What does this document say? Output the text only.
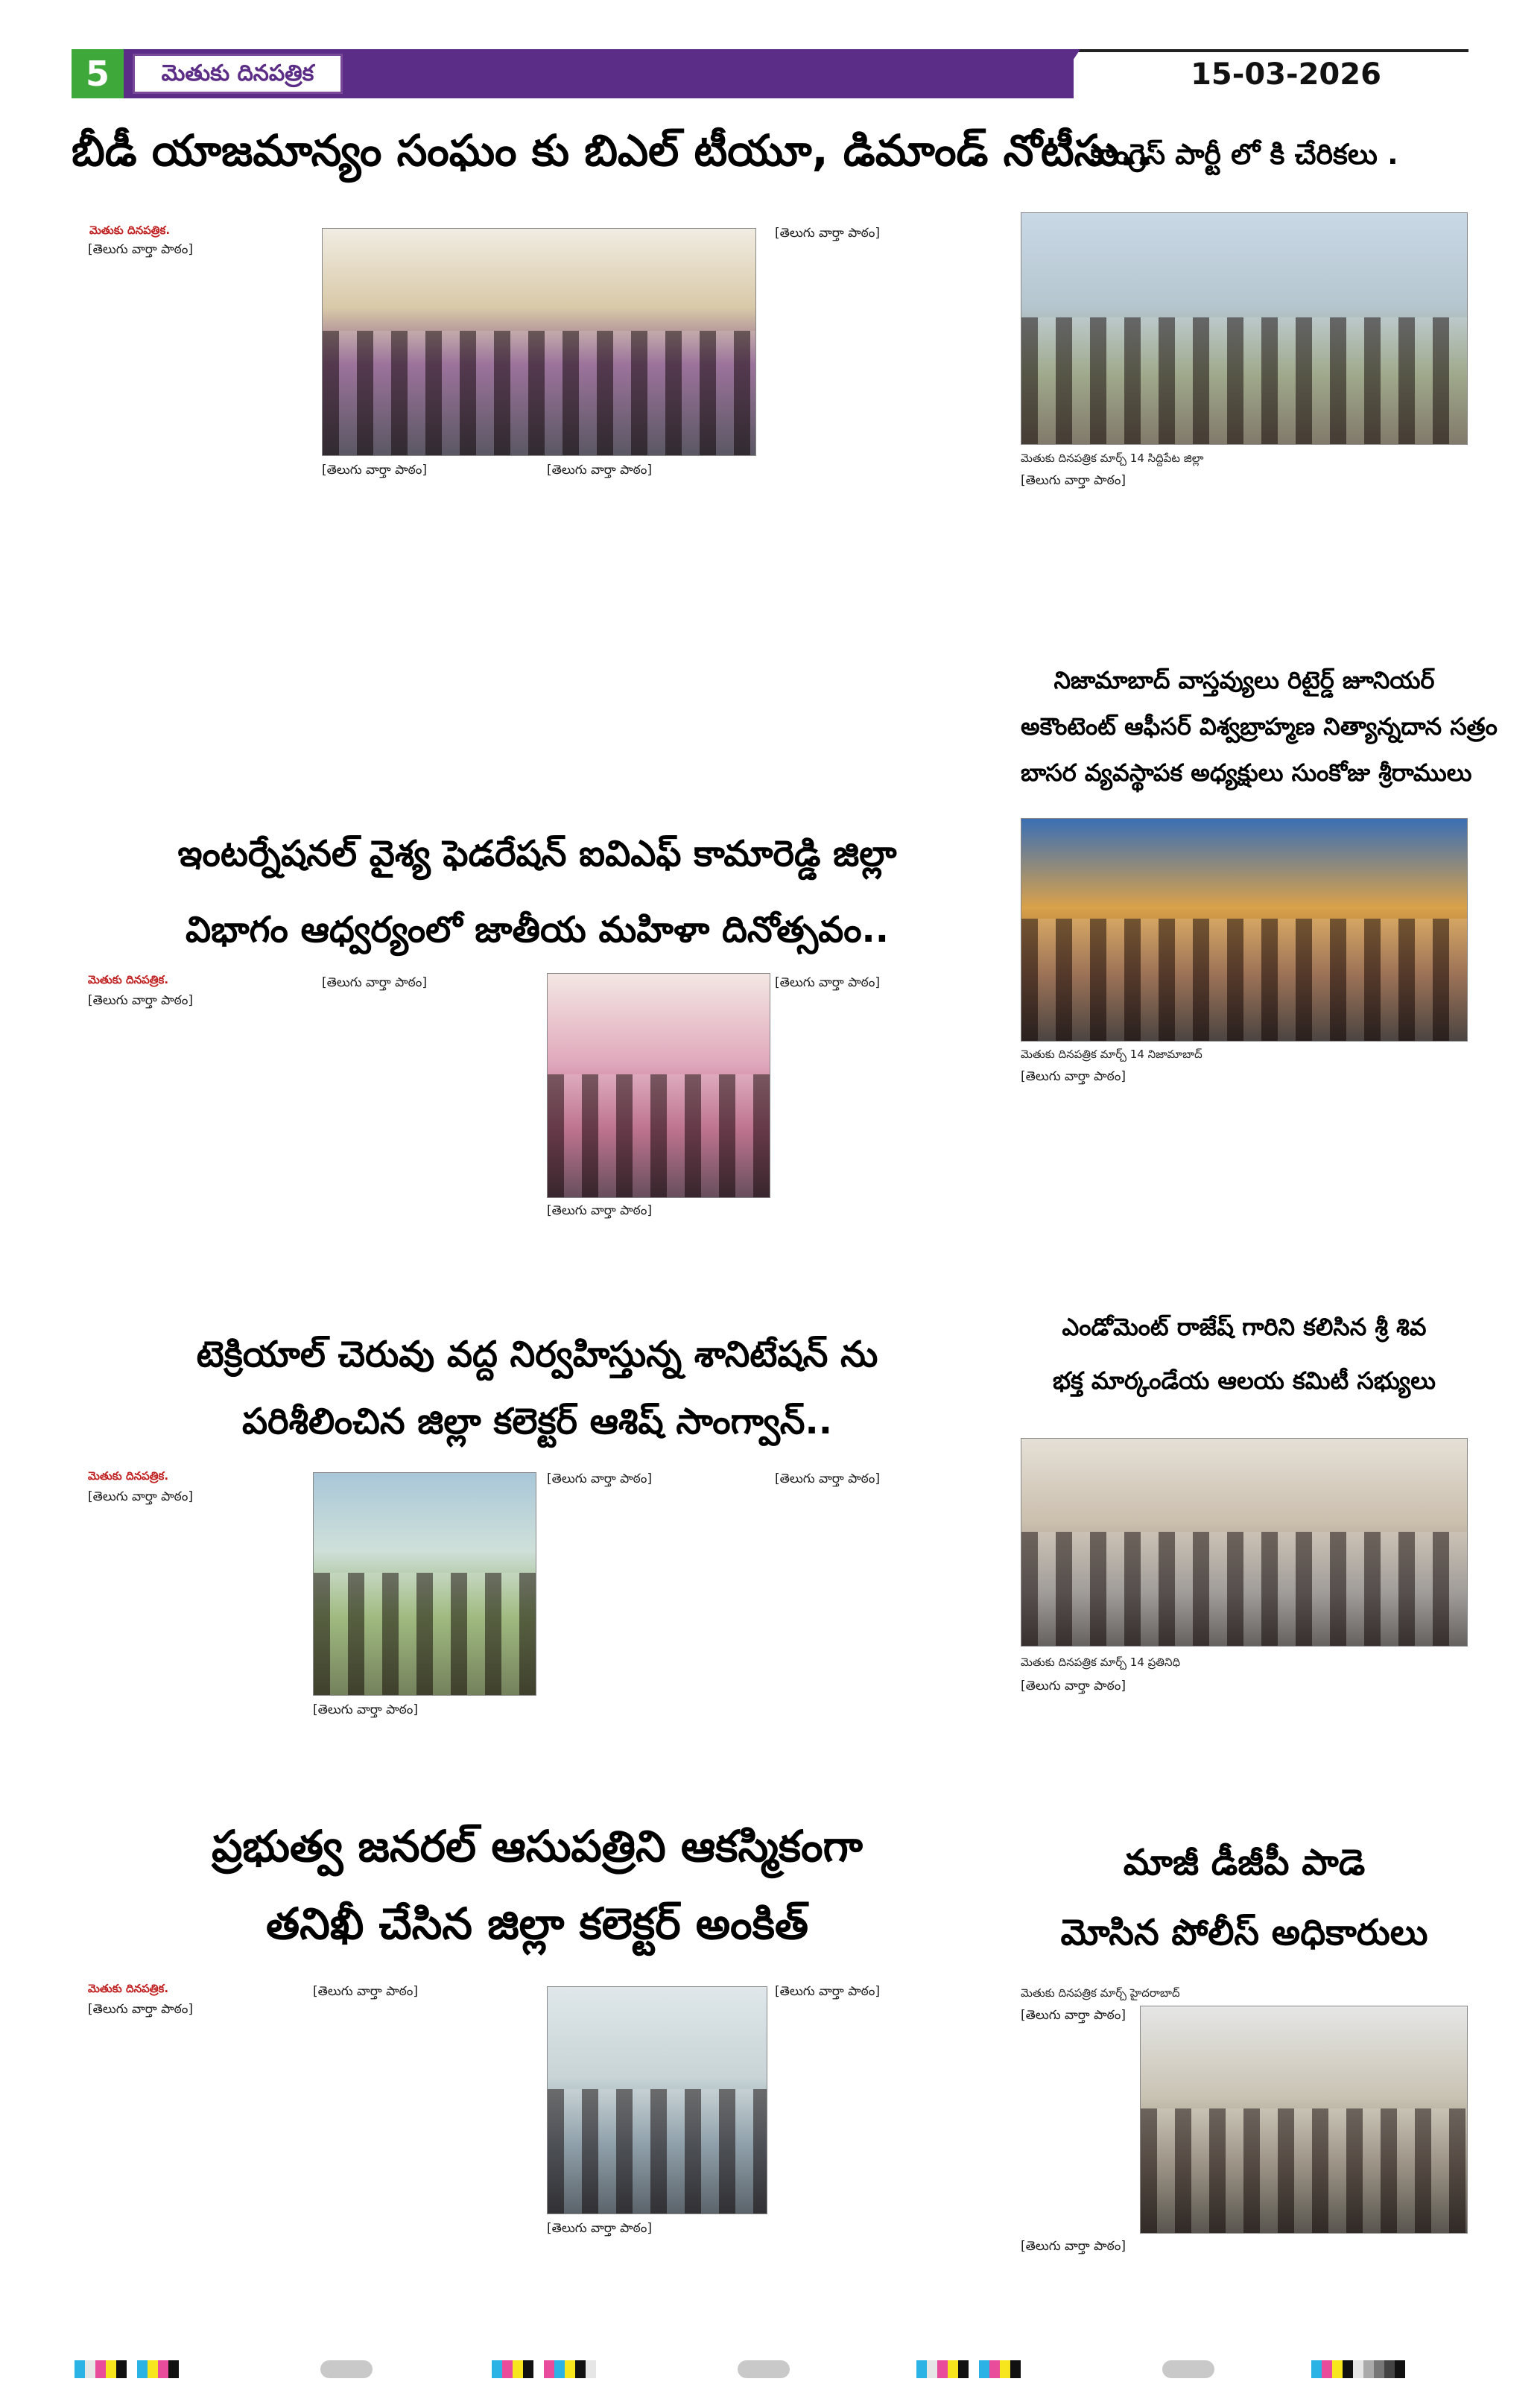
5	మెతుకు దినపత్రిక	15-03-2026
బీడీ యాజమాన్యం సంఘం కు బిఎల్ టీయూ, డిమాండ్ నోటీసు..
మెతుకు దినపత్రిక.
[తెలుగు వార్తా పాఠం]
[తెలుగు వార్తా పాఠం]	[తెలుగు వార్తా పాఠం]
[తెలుగు వార్తా పాఠం]
కాంగ్రెస్ పార్టీ లో కి చేరికలు .
మెతుకు దినపత్రిక మార్చ్ 14 సిద్దిపేట జిల్లా
[తెలుగు వార్తా పాఠం]
నిజామాబాద్ వాస్తవ్యులు రిటైర్డ్ జూనియర్
అకౌంటెంట్ ఆఫీసర్ విశ్వబ్రాహ్మణ నిత్యాన్నదాన సత్రం
బాసర వ్యవస్థాపక అధ్యక్షులు సుంకోజు శ్రీరాములు
ఇంటర్నేషనల్ వైశ్య ఫెడరేషన్ ఐవిఎఫ్ కామారెడ్డి జిల్లా
విభాగం ఆధ్వర్యంలో జాతీయ మహిళా దినోత్సవం..
మెతుకు దినపత్రిక.
[తెలుగు వార్తా పాఠం]
[తెలుగు వార్తా పాఠం]
[తెలుగు వార్తా పాఠం]
[తెలుగు వార్తా పాఠం]
మెతుకు దినపత్రిక మార్చ్ 14 నిజామాబాద్
[తెలుగు వార్తా పాఠం]
ఎండోమెంట్ రాజేష్ గారిని కలిసిన శ్రీ శివ
భక్త మార్కండేయ ఆలయ కమిటీ సభ్యులు
టెక్రియాల్ చెరువు వద్ద నిర్వహిస్తున్న శానిటేషన్ ను
పరిశీలించిన జిల్లా కలెక్టర్ ఆశిష్ సాంగ్వాన్..
మెతుకు దినపత్రిక.
[తెలుగు వార్తా పాఠం]
[తెలుగు వార్తా పాఠం]
[తెలుగు వార్తా పాఠం]	[తెలుగు వార్తా పాఠం]
మెతుకు దినపత్రిక మార్చ్ 14 ప్రతినిధి
[తెలుగు వార్తా పాఠం]
ప్రభుత్వ జనరల్ ఆసుపత్రిని ఆకస్మికంగా
తనిఖీ చేసిన జిల్లా కలెక్టర్ అంకిత్
మెతుకు దినపత్రిక.
[తెలుగు వార్తా పాఠం]
[తెలుగు వార్తా పాఠం]
[తెలుగు వార్తా పాఠం]
[తెలుగు వార్తా పాఠం]
మాజీ డీజీపీ పాడె
మోసిన పోలీస్ అధికారులు
మెతుకు దినపత్రిక మార్చ్ హైదరాబాద్
[తెలుగు వార్తా పాఠం]
[తెలుగు వార్తా పాఠం]
